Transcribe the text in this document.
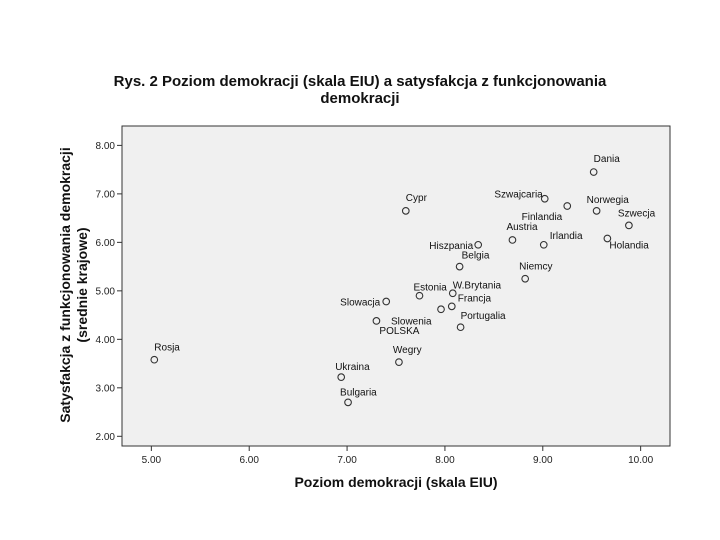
Rys. 2 Poziom demokracji (skala EIU) a satysfakcja z funkcjonowania
demokracji
2.00
3.00
4.00
5.00
6.00
7.00
8.00
5.00	6.00	7.00	8.00	9.00	10.00
Dania
Szwajcaria
Cypr	Norwegia
Finlandia	Szwecja
Holandia
Austria
Irlandia
Hiszpania
Belgia
Niemcy
Estonia W.Brytania
Francja
Slowacja
Slowenia	Portugalia
POLSKA
Rosja	Wegry
Ukraina
Bulgaria
Poziom demokracji (skala EIU)
Satysfakcja z funkcjonowania demokracji (srednie krajowe)
